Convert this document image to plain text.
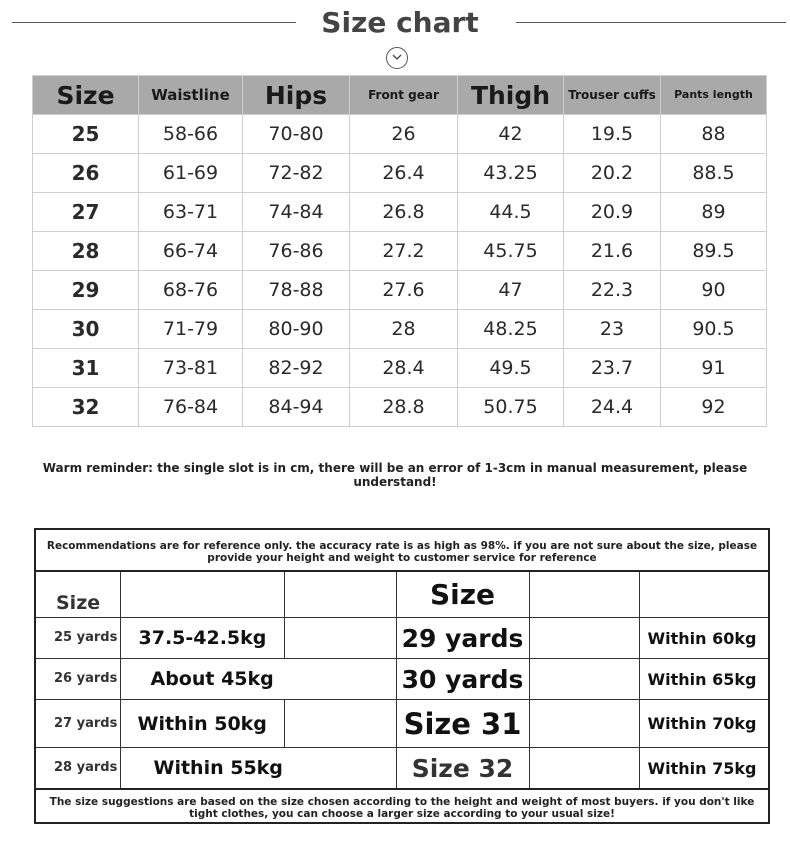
Size chart
Size	Waistline	Hips	Front gear	Thigh	Trouser cuffs	Pants length
25	58-66	70-80	26	42	19.5	88
26	61-69	72-82	26.4	43.25	20.2	88.5
27	63-71	74-84	26.8	44.5	20.9	89
28	66-74	76-86	27.2	45.75	21.6	89.5
29	68-76	78-88	27.6	47	22.3	90
30	71-79	80-90	28	48.25	23	90.5
31	73-81	82-92	28.4	49.5	23.7	91
32	76-84	84-94	28.8	50.75	24.4	92
Warm reminder: the single slot is in cm, there will be an error of 1-3cm in manual measurement, please understand!
Recommendations are for reference only. the accuracy rate is as high as 98%. if you are not sure about the size, please provide your height and weight to customer service for reference
Size			Size		
25 yards	37.5-42.5kg		29 yards		Within 60kg
26 yards	About 45kg		30 yards		Within 65kg
27 yards	Within 50kg		Size 31		Within 70kg
28 yards	Within 55kg		Size 32		Within 75kg
The size suggestions are based on the size chosen according to the height and weight of most buyers. if you don't like tight clothes, you can choose a larger size according to your usual size!
